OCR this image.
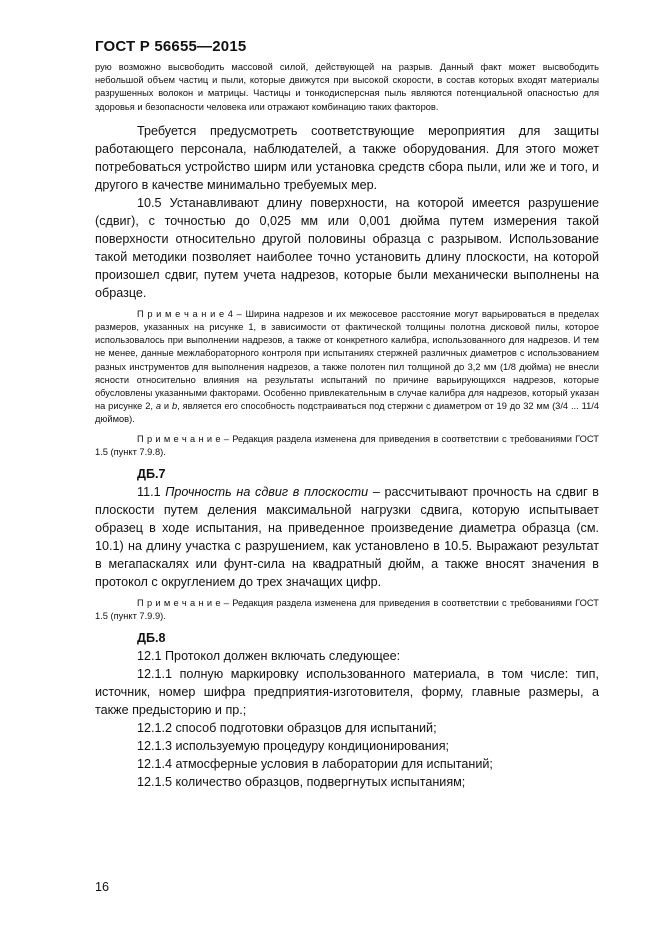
ГОСТ Р 56655—2015

рую возможно высвободить массовой силой, действующей на разрыв. Данный факт может высвободить небольшой объем частиц и пыли, которые движутся при высокой скорости, в состав которых входят материалы разрушенных волокон и матрицы. Частицы и тонкодисперсная пыль являются потенциальной опасностью для здоровья и безопасности человека или отражают комбинацию таких факторов.

Требуется предусмотреть соответствующие мероприятия для защиты работающего персонала, наблюдателей, а также оборудования. Для этого может потребоваться устройство ширм или установка средств сбора пыли, или же и того, и другого в качестве минимально требуемых мер.

10.5 Устанавливают длину поверхности, на которой имеется разрушение (сдвиг), с точностью до 0,025 мм или 0,001 дюйма путем измерения такой поверхности относительно другой половины образца с разрывом. Использование такой методики позволяет наиболее точно установить длину плоскости, на которой произошел сдвиг, путем учета надрезов, которые были механически выполнены на образце.

П р и м е ч а н и е 4 – Ширина надрезов и их межосевое расстояние могут варьироваться в пределах размеров, указанных на рисунке 1, в зависимости от фактической толщины полотна дисковой пилы, которое использовалось при выполнении надрезов, а также от конкретного калибра, использованного для надрезов. И тем не менее, данные межлабораторного контроля при испытаниях стержней различных диаметров с использованием разных инструментов для выполнения надрезов, а также полотен пил толщиной до 3,2 мм (1/8 дюйма) не внесли ясности относительно влияния на результаты испытаний по причине варьирующихся надрезов, которые обусловлены указанными факторами. Особенно привлекательным в случае калибра для надрезов, который указан на рисунке 2, a и b, является его способность подстраиваться под стержни с диаметром от 19 до 32 мм (3/4 ... 11/4 дюймов).

П р и м е ч а н и е – Редакция раздела изменена для приведения в соответствии с требованиями ГОСТ 1.5 (пункт 7.9.8).

ДБ.7

11.1 Прочность на сдвиг в плоскости – рассчитывают прочность на сдвиг в плоскости путем деления максимальной нагрузки сдвига, которую испытывает образец в ходе испытания, на приведенное произведение диаметра образца (см. 10.1) на длину участка с разрушением, как установлено в 10.5. Выражают результат в мегапаскалях или фунт-сила на квадратный дюйм, а также вносят значения в протокол с округлением до трех значащих цифр.

П р и м е ч а н и е – Редакция раздела изменена для приведения в соответствии с требованиями ГОСТ 1.5 (пункт 7.9.9).

ДБ.8

12.1 Протокол должен включать следующее:

12.1.1 полную маркировку использованного материала, в том числе: тип, источник, номер шифра предприятия-изготовителя, форму, главные размеры, а также предысторию и пр.;

12.1.2 способ подготовки образцов для испытаний;

12.1.3 используемую процедуру кондиционирования;

12.1.4 атмосферные условия в лаборатории для испытаний;

12.1.5 количество образцов, подвергнутых испытаниям;

16
